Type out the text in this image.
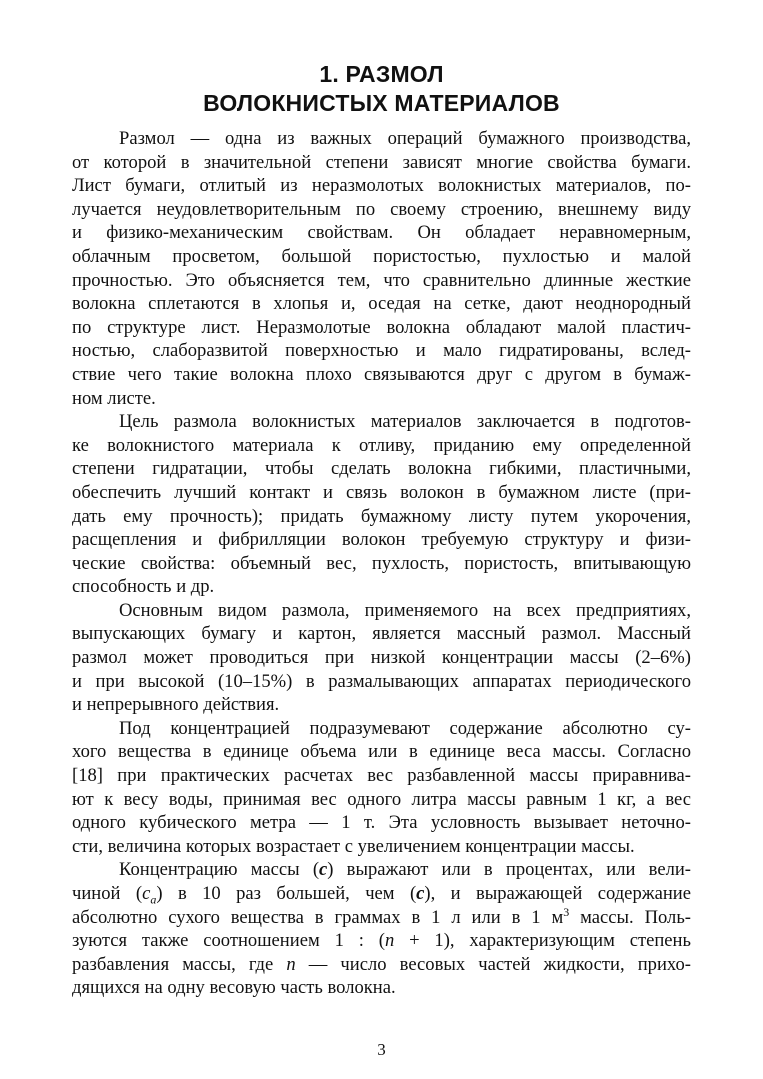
1. РАЗМОЛ
ВОЛОКНИСТЫХ МАТЕРИАЛОВ
Размол — одна из важных операций бумажного производства,
от которой в значительной степени зависят многие свойства бумаги.
Лист бумаги, отлитый из неразмолотых волокнистых материалов, по-
лучается неудовлетворительным по своему строению, внешнему виду
и физико-механическим свойствам. Он обладает неравномерным,
облачным просветом, большой пористостью, пухлостью и малой
прочностью. Это объясняется тем, что сравнительно длинные жесткие
волокна сплетаются в хлопья и, оседая на сетке, дают неоднородный
по структуре лист. Неразмолотые волокна обладают малой пластич-
ностью, слаборазвитой поверхностью и мало гидратированы, вслед-
ствие чего такие волокна плохо связываются друг с другом в бумаж-
ном листе.
Цель размола волокнистых материалов заключается в подготов-
ке волокнистого материала к отливу, приданию ему определенной
степени гидратации, чтобы сделать волокна гибкими, пластичными,
обеспечить лучший контакт и связь волокон в бумажном листе (при-
дать ему прочность); придать бумажному листу путем укорочения,
расщепления и фибрилляции волокон требуемую структуру и физи-
ческие свойства: объемный вес, пухлость, пористость, впитывающую
способность и др.
Основным видом размола, применяемого на всех предприятиях,
выпускающих бумагу и картон, является массный размол. Массный
размол может проводиться при низкой концентрации массы (2–6%)
и при высокой (10–15%) в размалывающих аппаратах периодического
и непрерывного действия.
Под концентрацией подразумевают содержание абсолютно су-
хого вещества в единице объема или в единице веса массы. Согласно
[18] при практических расчетах вес разбавленной массы приравнива-
ют к весу воды, принимая вес одного литра массы равным 1 кг, а вес
одного кубического метра — 1 т. Эта условность вызывает неточно-
сти, величина которых возрастает с увеличением концентрации массы.
Концентрацию массы (c) выражают или в процентах, или вели-
чиной $(c_a)$ в 10 раз большей, чем (c), и выражающей содержание
абсолютно сухого вещества в граммах в 1 л или в 1 $м^3$ массы. Поль-
зуются также соотношением 1 : (n + 1), характеризующим степень
разбавления массы, где n — число весовых частей жидкости, прихо-
дящихся на одну весовую часть волокна.
3
